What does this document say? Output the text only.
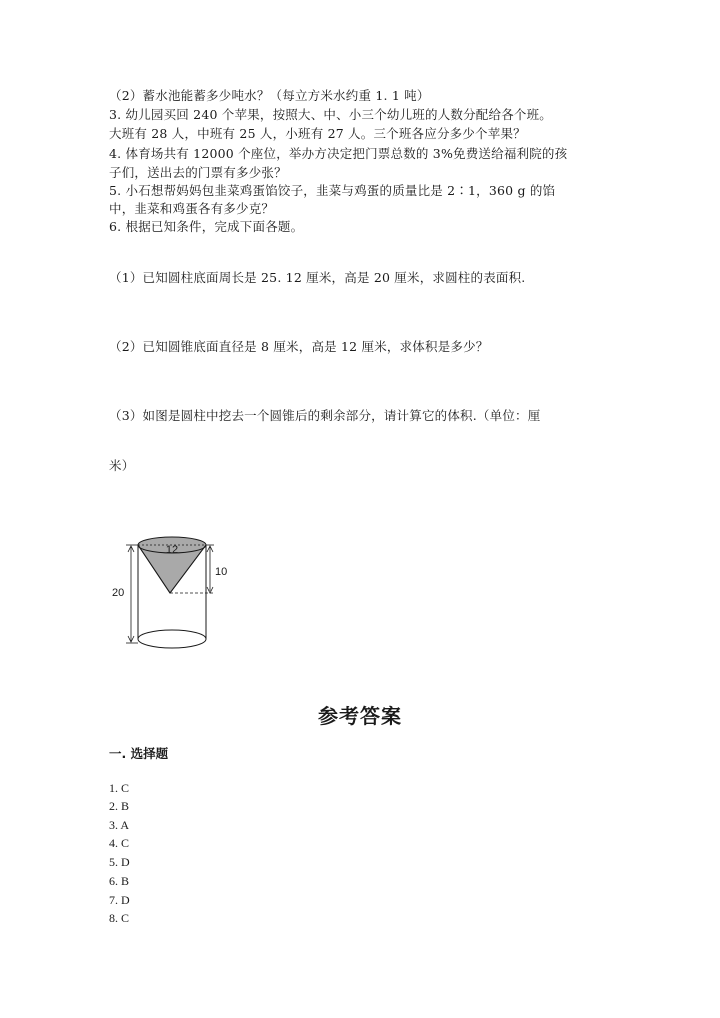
（2）蓄水池能蓄多少吨水？（每立方米水约重 1. 1 吨）
3. 幼儿园买回 240 个苹果，按照大、中、小三个幼儿班的人数分配给各个班。
大班有 28 人，中班有 25 人，小班有 27 人。三个班各应分多少个苹果？
4. 体育场共有 12000 个座位，举办方决定把门票总数的 3%免费送给福利院的孩
子们，送出去的门票有多少张？
5. 小石想帮妈妈包韭菜鸡蛋馅饺子，韭菜与鸡蛋的质量比是 2∶1，360 g 的馅
中，韭菜和鸡蛋各有多少克？
6. 根据已知条件，完成下面各题。
（1）已知圆柱底面周长是 25. 12 厘米，高是 20 厘米，求圆柱的表面积.
（2）已知圆锥底面直径是 8 厘米，高是 12 厘米，求体积是多少？
（3）如图是圆柱中挖去一个圆锥后的剩余部分，请计算它的体积.（单位：厘
米）
12
10
20
参考答案
一. 选择题
1. C
2. B
3. A
4. C
5. D
6. B
7. D
8. C
